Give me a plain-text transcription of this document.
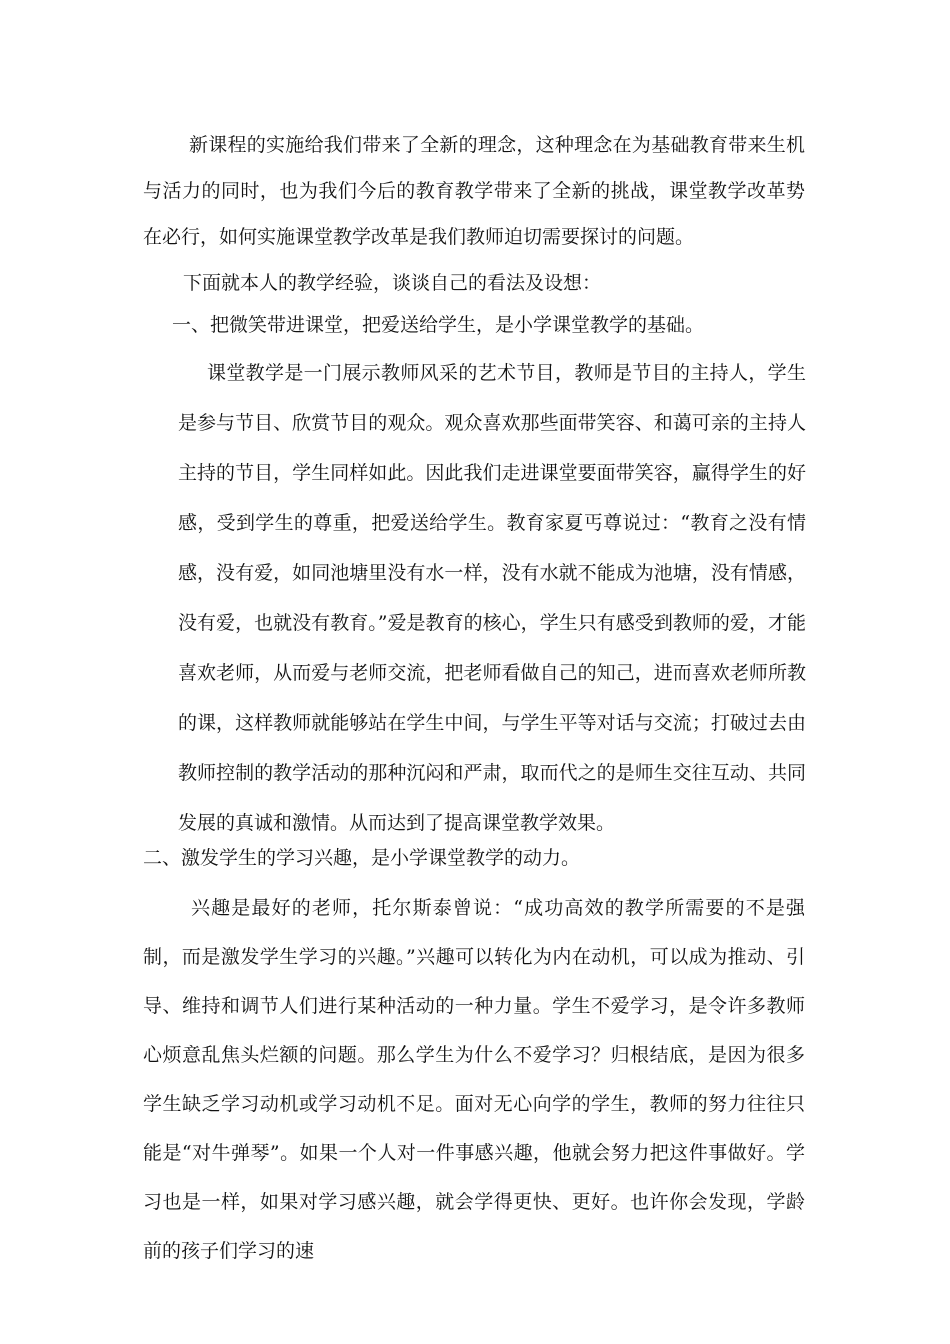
新课程的实施给我们带来了全新的理念，这种理念在为基础教育带来生机与活力的同时，也为我们今后的教育教学带来了全新的挑战，课堂教学改革势在必行，如何实施课堂教学改革是我们教师迫切需要探讨的问题。

下面就本人的教学经验，谈谈自己的看法及设想：

一、把微笑带进课堂，把爱送给学生，是小学课堂教学的基础。

课堂教学是一门展示教师风采的艺术节目，教师是节目的主持人，学生是参与节目、欣赏节目的观众。观众喜欢那些面带笑容、和蔼可亲的主持人主持的节目，学生同样如此。因此我们走进课堂要面带笑容，赢得学生的好感，受到学生的尊重，把爱送给学生。教育家夏丐尊说过：“教育之没有情感，没有爱，如同池塘里没有水一样，没有水就不能成为池塘，没有情感，没有爱，也就没有教育。”爱是教育的核心，学生只有感受到教师的爱，才能喜欢老师，从而爱与老师交流，把老师看做自己的知己，进而喜欢老师所教的课，这样教师就能够站在学生中间，与学生平等对话与交流；打破过去由教师控制的教学活动的那种沉闷和严肃，取而代之的是师生交往互动、共同发展的真诚和激情。从而达到了提高课堂教学效果。

二、激发学生的学习兴趣，是小学课堂教学的动力。

兴趣是最好的老师，托尔斯泰曾说：“成功高效的教学所需要的不是强制，而是激发学生学习的兴趣。”兴趣可以转化为内在动机，可以成为推动、引导、维持和调节人们进行某种活动的一种力量。学生不爱学习，是令许多教师心烦意乱焦头烂额的问题。那么学生为什么不爱学习？归根结底，是因为很多学生缺乏学习动机或学习动机不足。面对无心向学的学生，教师的努力往往只能是“对牛弹琴”。如果一个人对一件事感兴趣，他就会努力把这件事做好。学习也是一样，如果对学习感兴趣，就会学得更快、更好。也许你会发现，学龄前的孩子们学习的速
